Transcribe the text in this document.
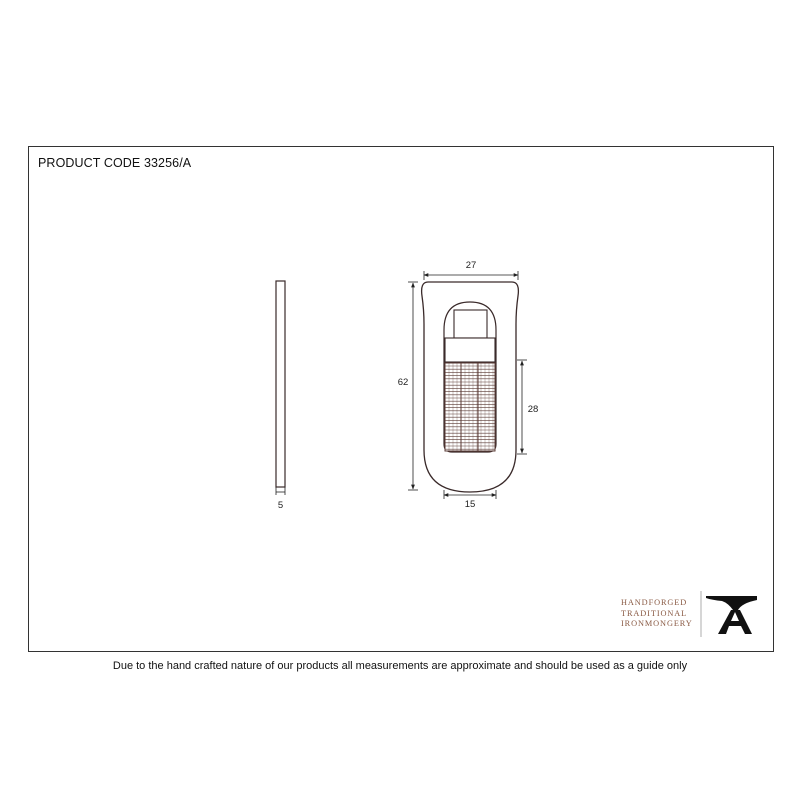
PRODUCT CODE 33256/A
5
27
62
28
15
HANDFORGED
TRADITIONAL
IRONMONGERY
Due to the hand crafted nature of our products all measurements are approximate and should be used as a guide only
